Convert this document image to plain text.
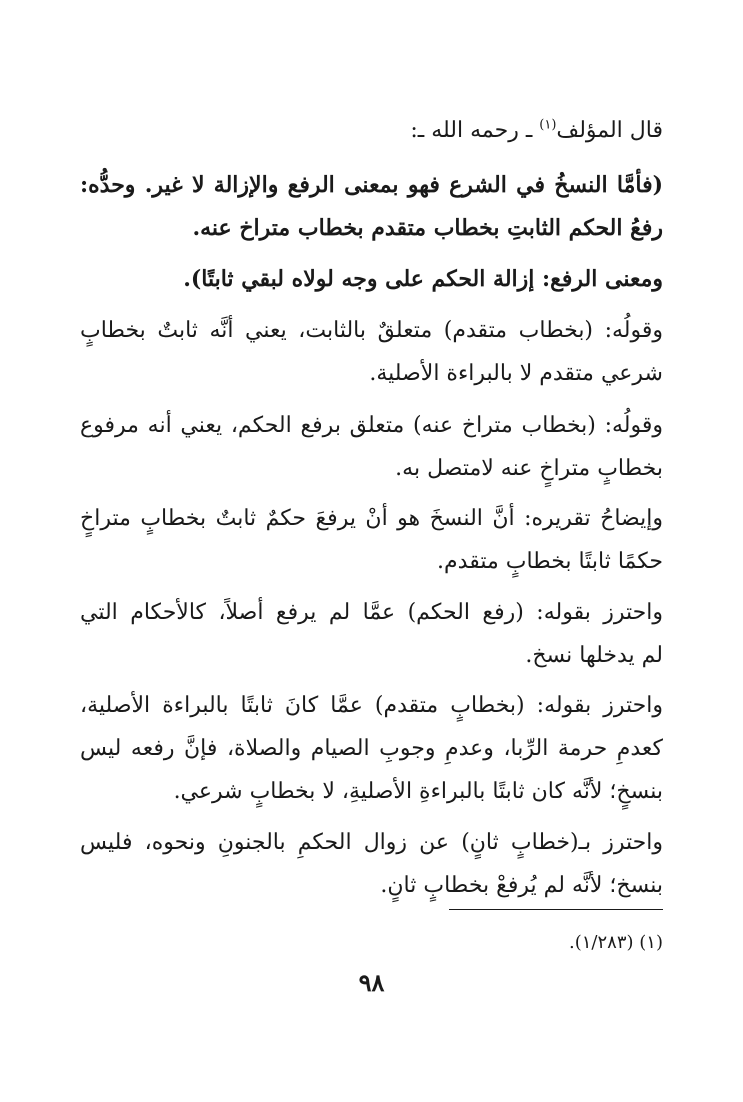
قال المؤلف$^{(١)}$ ـ رحمه الله ـ:
(فأمَّا النسخُ في الشرع فهو بمعنى الرفع والإزالة لا غير. وحدُّه:
رفعُ الحكم الثابتِ بخطاب متقدم بخطاب متراخ عنه.
ومعنى الرفع: إزالة الحكم على وجه لولاه لبقي ثابتًا).
وقولُه: (بخطاب متقدم) متعلقٌ بالثابت، يعني أنَّه ثابتٌ بخطابٍ
شرعي متقدم لا بالبراءة الأصلية.
وقولُه: (بخطاب متراخ عنه) متعلق برفع الحكم، يعني أنه مرفوع
بخطابٍ متراخٍ عنه لامتصل به.
وإيضاحُ تقريره: أنَّ النسخَ هو أنْ يرفعَ حكمٌ ثابتٌ بخطابٍ متراخٍ
حكمًا ثابتًا بخطابٍ متقدم.
واحترز بقوله: (رفع الحكم) عمَّا لم يرفع أصلاً، كالأحكام التي
لم يدخلها نسخ.
واحترز بقوله: (بخطابٍ متقدم) عمَّا كانَ ثابتًا بالبراءة الأصلية،
كعدمِ حرمة الرِّبا، وعدمِ وجوبِ الصيام والصلاة، فإنَّ رفعه ليس
بنسخٍ؛ لأنَّه كان ثابتًا بالبراءةِ الأصليةِ، لا بخطابٍ شرعي.
واحترز بـ(خطابٍ ثانٍ) عن زوال الحكمِ بالجنونِ ونحوه، فليس
بنسخ؛ لأنَّه لم يُرفعْ بخطابٍ ثانٍ.
(١) (١/٢٨٣).
٩٨
